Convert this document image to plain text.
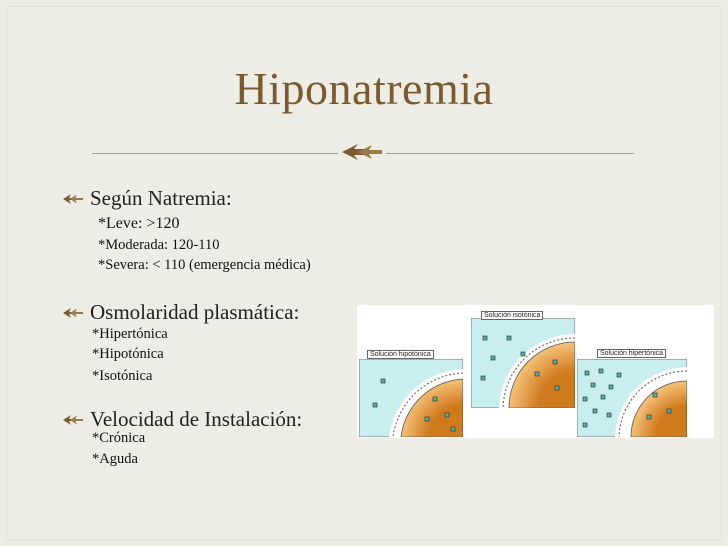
Hiponatremia
Según Natremia:
*Leve: >120
*Moderada: 120-110
*Severa: < 110 (emergencia médica)
Osmolaridad plasmática:
*Hipertónica
*Hipotónica
*Isotónica
Velocidad de Instalación:
*Crónica
*Aguda
Solución hipotónica
Solución isotónica
Solución hipertónica
